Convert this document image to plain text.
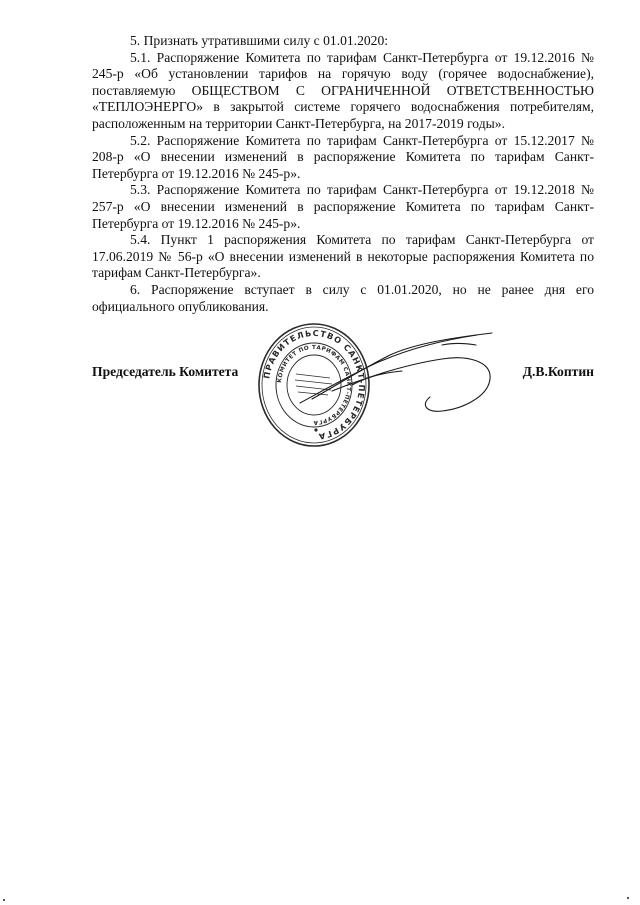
5. Признать утратившими силу с 01.01.2020:

5.1. Распоряжение Комитета по тарифам Санкт-Петербурга от 19.12.2016 № 245-р «Об установлении тарифов на горячую воду (горячее водоснабжение), поставляемую ОБЩЕСТВОМ С ОГРАНИЧЕННОЙ ОТВЕТСТВЕННОСТЬЮ «ТЕПЛОЭНЕРГО» в закрытой системе горячего водоснабжения потребителям, расположенным на территории Санкт-Петербурга, на 2017-2019 годы».

5.2. Распоряжение Комитета по тарифам Санкт-Петербурга от 15.12.2017 № 208-р «О внесении изменений в распоряжение Комитета по тарифам Санкт-Петербурга от 19.12.2016 № 245-р».

5.3. Распоряжение Комитета по тарифам Санкт-Петербурга от 19.12.2018 № 257-р «О внесении изменений в распоряжение Комитета по тарифам Санкт-Петербурга от 19.12.2016 № 245-р».

5.4. Пункт 1 распоряжения Комитета по тарифам Санкт-Петербурга от 17.06.2019 № 56-р «О внесении изменений в некоторые распоряжения Комитета по тарифам Санкт-Петербурга».

6. Распоряжение вступает в силу с 01.01.2020, но не ранее дня его официального опубликования.

Председатель Комитета	Д.В.Коптин
ПРАВИТЕЛЬСТВО САНКТ-ПЕТЕРБУРГА
КОМИТЕТ ПО ТАРИФАМ САНКТ-ПЕТЕРБУРГА
